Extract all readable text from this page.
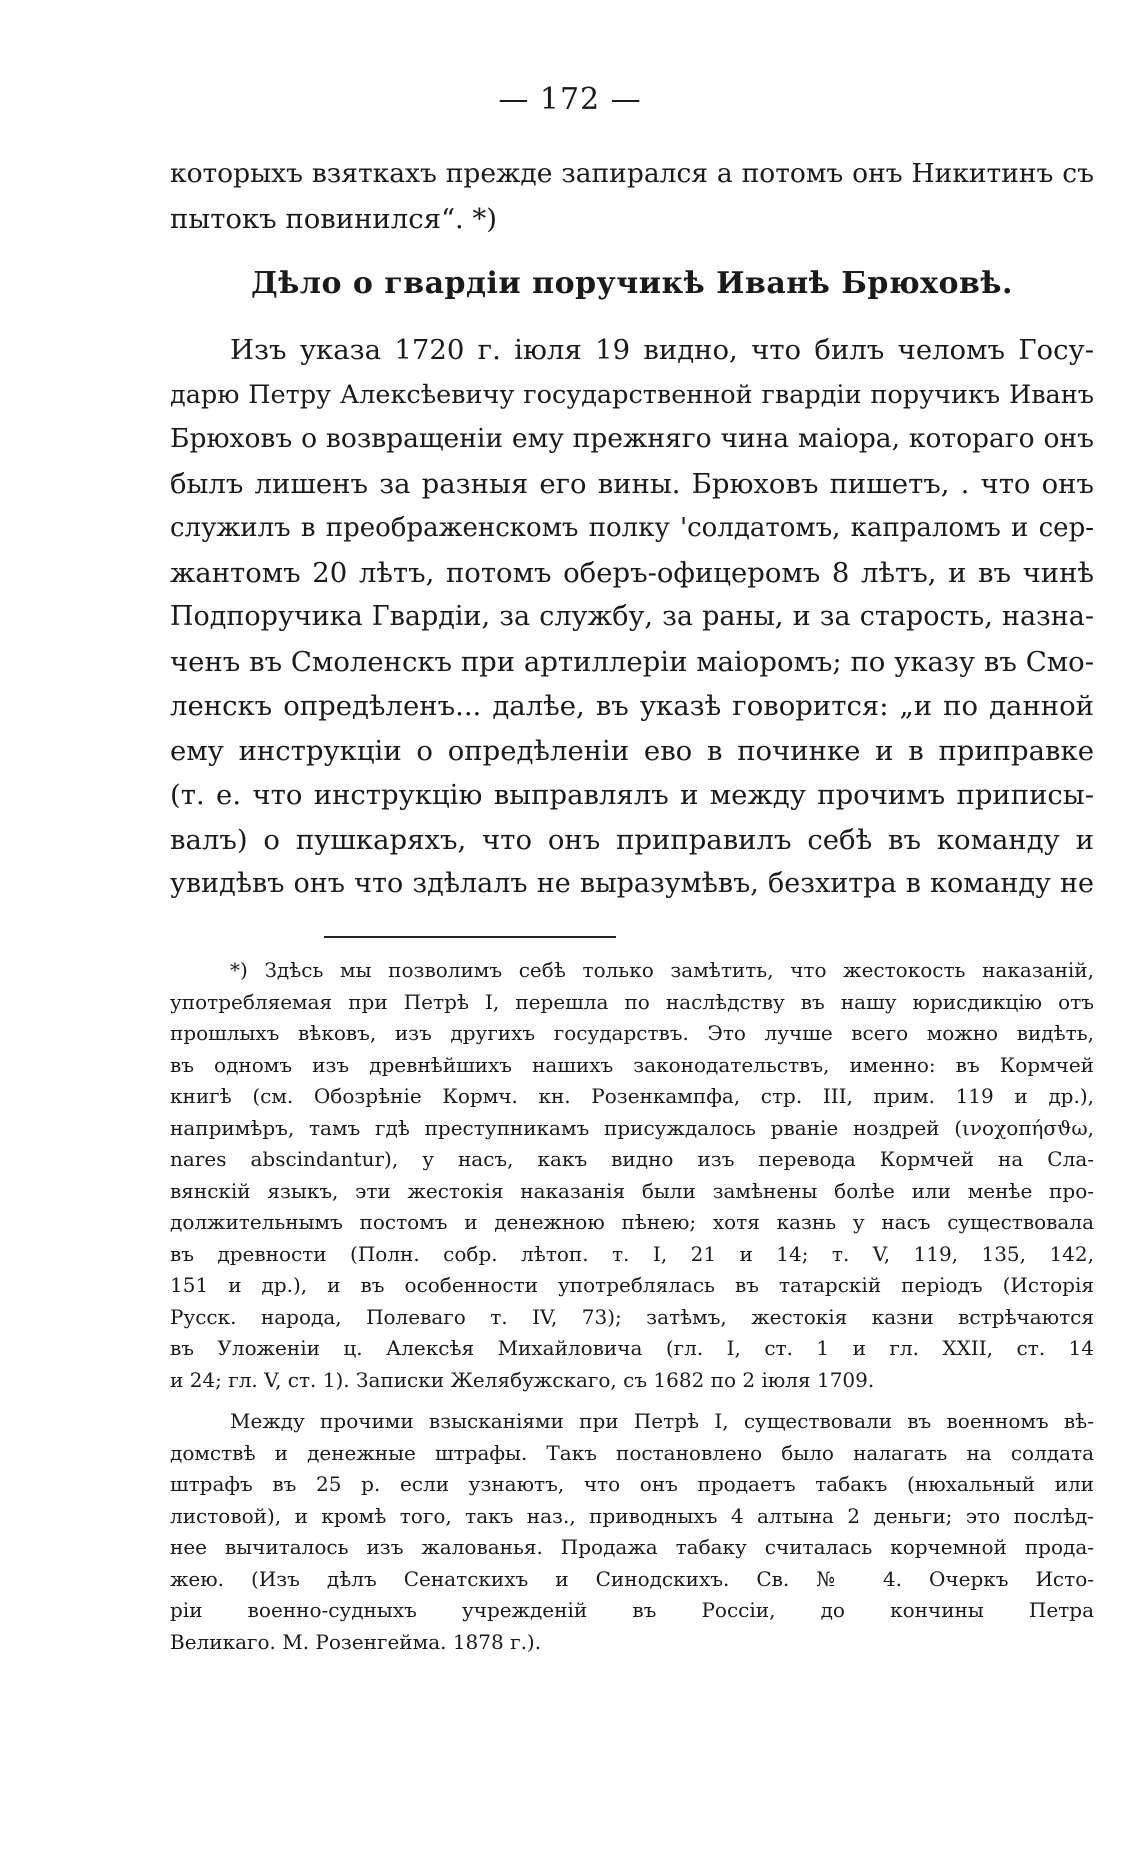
— 172 —
которыхъ взяткахъ прежде запирался а потомъ онъ Никитинъ съ
пытокъ повинился“. *)
Дѣло о гвардіи поручикѣ Иванѣ Брюховѣ.
Изъ указа 1720 г. іюля 19 видно, что билъ челомъ Госу-
дарю Петру Алексѣевичу государственной гвардіи поручикъ Иванъ
Брюховъ о возвращеніи ему прежняго чина маіора, котораго онъ
былъ лишенъ за разныя его вины. Брюховъ пишетъ, . что онъ
служилъ в преображенскомъ полку 'солдатомъ, капраломъ и сер-
жантомъ 20 лѣтъ, потомъ оберъ-офицеромъ 8 лѣтъ, и въ чинѣ
Подпоручика Гвардіи, за службу, за раны, и за старость, назна-
ченъ въ Смоленскъ при артиллеріи маіоромъ; по указу въ Смо-
ленскъ опредѣленъ... далѣе, въ указѣ говорится: „и по данной
ему инструкціи о опредѣленіи ево в починке и в приправке
(т. е. что инструкцію выправлялъ и между прочимъ приписы-
валъ) о пушкаряхъ, что онъ приправилъ себѣ въ команду и
увидѣвъ онъ что здѣлалъ не выразумѣвъ, безхитра в команду не
*) Здѣсь мы позволимъ себѣ только замѣтить, что жестокость наказаній,
употребляемая при Петрѣ I, перешла по наслѣдству въ нашу юрисдикцію отъ
прошлыхъ вѣковъ, изъ другихъ государствъ. Это лучше всего можно видѣть,
въ одномъ изъ древнѣйшихъ нашихъ законодательствъ, именно: въ Кормчей
книгѣ (см. Обозрѣніе Кормч. кн. Розенкампфа, стр. III, прим. 119 и др.),
напримѣръ, тамъ гдѣ преступникамъ присуждалось рваніе ноздрей (ινοχοπήσϑω,
nares abscindantur), у насъ, какъ видно изъ перевода Кормчей на Сла-
вянскій языкъ, эти жестокія наказанія были замѣнены болѣе или менѣе про-
должительнымъ постомъ и денежною пѣнею; хотя казнь у насъ существовала
въ древности (Полн. собр. лѣтоп. т. I, 21 и 14; т. V, 119, 135, 142,
151 и др.), и въ особенности употреблялась въ татарскій періодъ (Исторія
Русск. народа, Полеваго т. IV, 73); затѣмъ, жестокія казни встрѣчаются
въ Уложеніи ц. Алексѣя Михайловича (гл. I, ст. 1 и гл. XXII, ст. 14
и 24; гл. V, ст. 1). Записки Желябужскаго, съ 1682 по 2 іюля 1709.
Между прочими взысканіями при Петрѣ I, существовали въ военномъ вѣ-
домствѣ и денежные штрафы. Такъ постановлено было налагать на солдата
штрафъ въ 25 р. если узнаютъ, что онъ продаетъ табакъ (нюхальный или
листовой), и кромѣ того, такъ наз., приводныхъ 4 алтына 2 деньги; это послѣд-
нее вычиталось изъ жалованья. Продажа табаку считалась корчемной прода-
жею. (Изъ дѣлъ Сенатскихъ и Синодскихъ. Св. № 4. Очеркъ Исто-
ріи военно-судныхъ учрежденій въ Россіи, до кончины Петра
Великаго. М. Розенгейма. 1878 г.).
